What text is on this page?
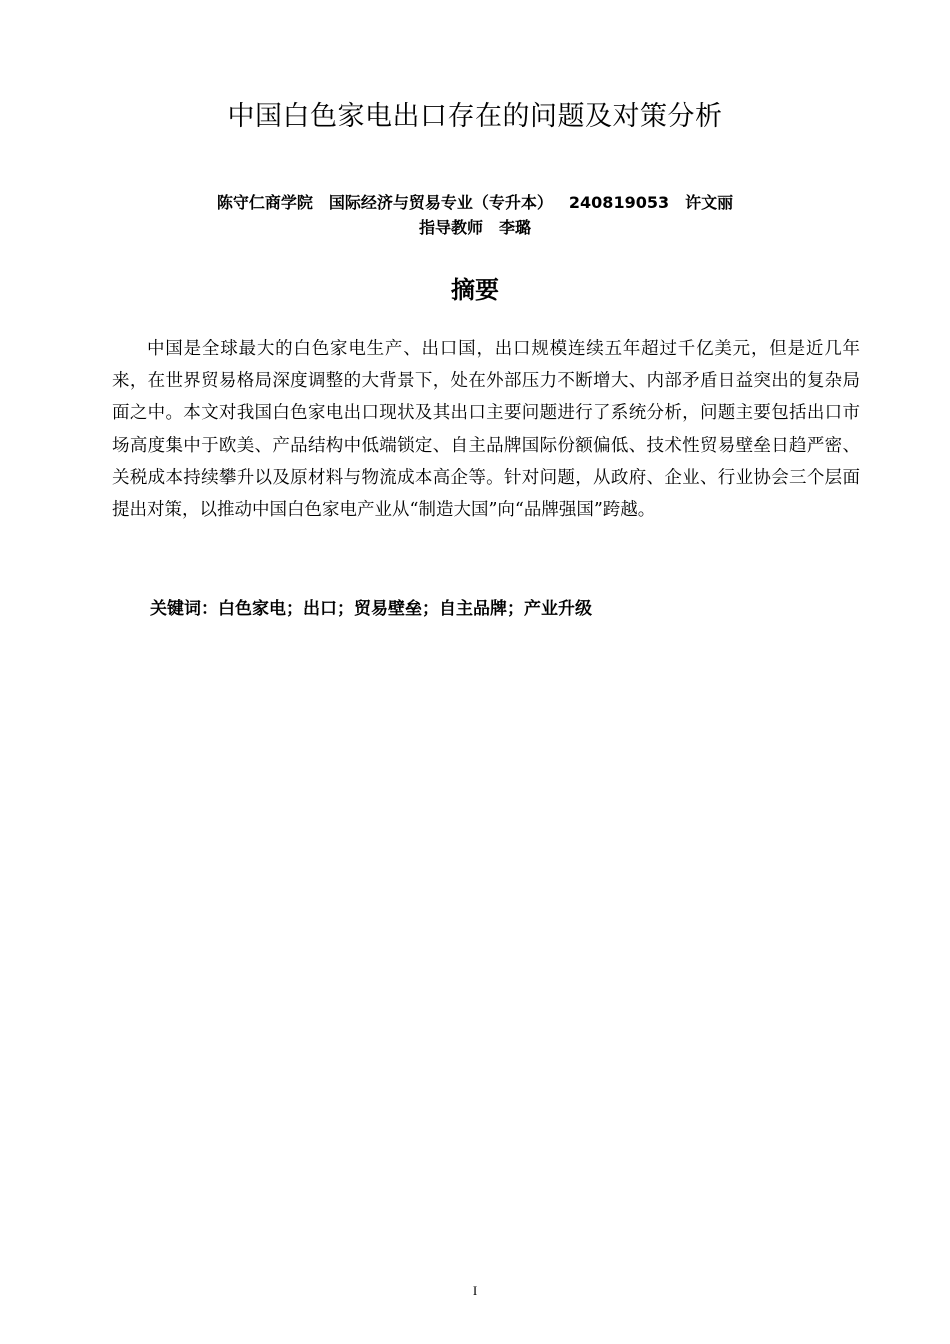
中国白色家电出口存在的问题及对策分析
陈守仁商学院 国际经济与贸易专业（专升本） 240819053 许文丽
指导教师 李璐
摘要

中国是全球最大的白色家电生产、出口国，出口规模连续五年超过千亿美元，但是近几年来，在世界贸易格局深度调整的大背景下，处在外部压力不断增大、内部矛盾日益突出的复杂局面之中。本文对我国白色家电出口现状及其出口主要问题进行了系统分析，问题主要包括出口市场高度集中于欧美、产品结构中低端锁定、自主品牌国际份额偏低、技术性贸易壁垒日趋严密、关税成本持续攀升以及原材料与物流成本高企等。针对问题，从政府、企业、行业协会三个层面提出对策，以推动中国白色家电产业从“制造大国”向“品牌强国”跨越。

关键词：白色家电；出口；贸易壁垒；自主品牌；产业升级
I
